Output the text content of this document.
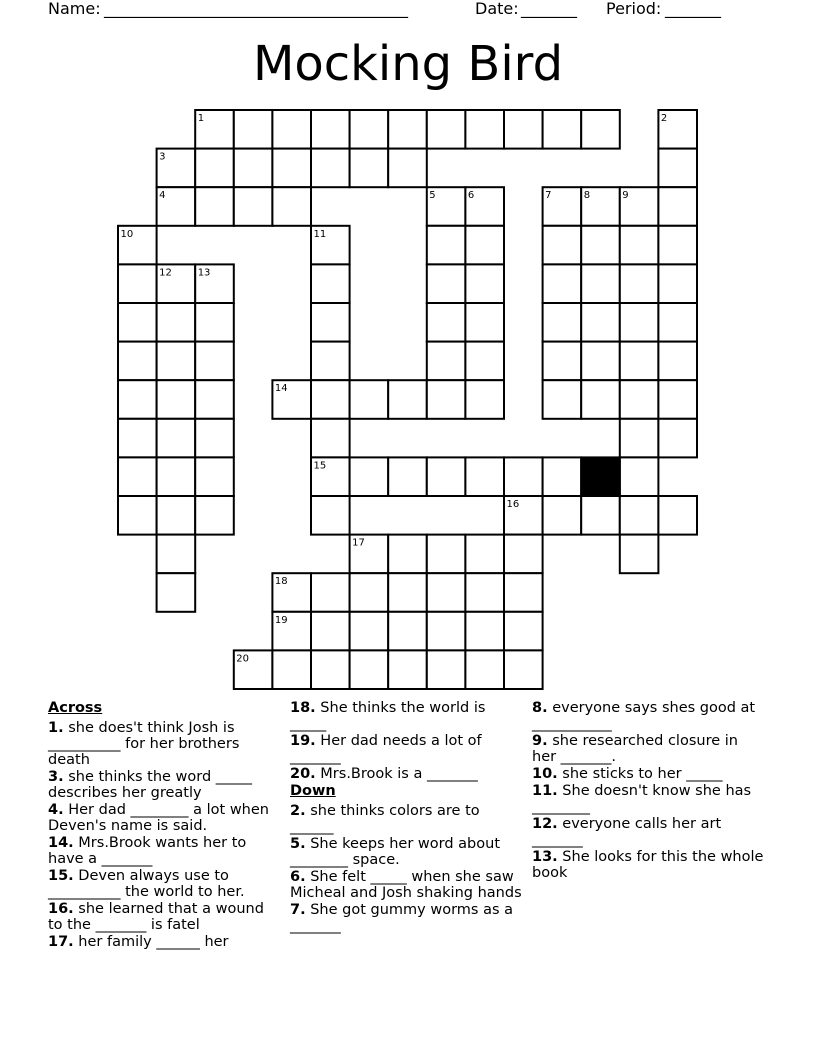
Name:

______________________________________

	Date:

_______

Period:

_______

Mocking Bird
1	2
3
4	5	6	7	8	9
10	11
12	13
14
15
16
17
18
19
20
Across
1. she does't think Josh is __________ for her brothers death
3. she thinks the word _____ describes her greatly
4. Her dad ________ a lot when Deven's name is said.
14. Mrs.Brook wants her to have a _______
15. Deven always use to __________ the world to her.
16. she learned that a wound to the _______ is fatel
17. her family ______ her
18. She thinks the world is _____
19. Her dad needs a lot of _______
20. Mrs.Brook is a _______
Down
2. she thinks colors are to ______
5. She keeps her word about ________ space.
6. She felt _____ when she saw Micheal and Josh shaking hands
7. She got gummy worms as a _______
8. everyone says shes good at ___________
9. she researched closure in her _______.
10. she sticks to her _____
11. She doesn't know she has ________
12. everyone calls her art _______
13. She looks for this the whole book
